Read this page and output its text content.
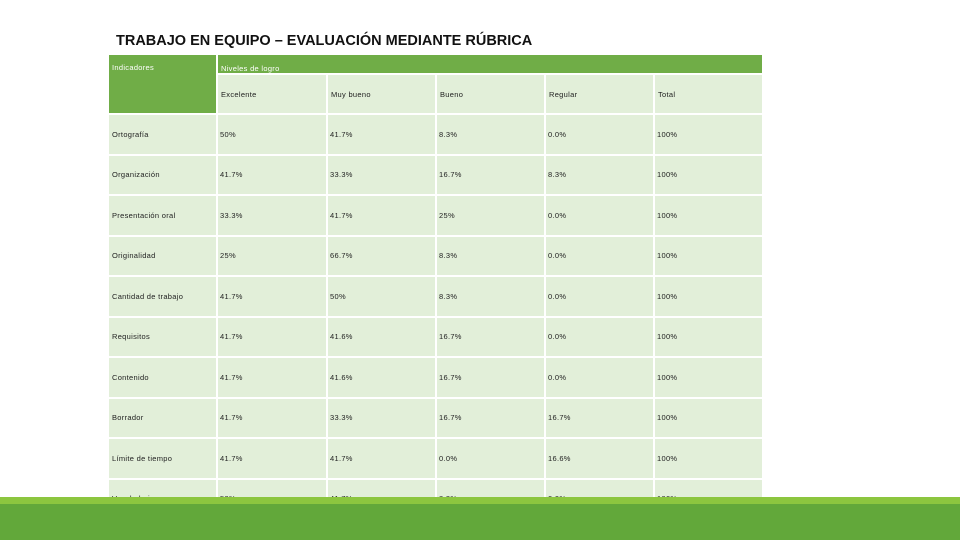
TRABAJO EN EQUIPO – EVALUACIÓN MEDIANTE RÚBRICA
Indicadores	Niveles de logro
Excelente	Muy bueno	Bueno	Regular	Total
Ortografía	50%	41.7%	8.3%	0.0%	100%
Organización	41.7%	33.3%	16.7%	8.3%	100%
Presentación oral	33.3%	41.7%	25%	0.0%	100%
Originalidad	25%	66.7%	8.3%	0.0%	100%
Cantidad de trabajo	41.7%	50%	8.3%	0.0%	100%
Requisitos	41.7%	41.6%	16.7%	0.0%	100%
Contenido	41.7%	41.6%	16.7%	0.0%	100%
Borrador	41.7%	33.3%	16.7%	16.7%	100%
Límite de tiempo	41.7%	41.7%	0.0%	16.6%	100%
